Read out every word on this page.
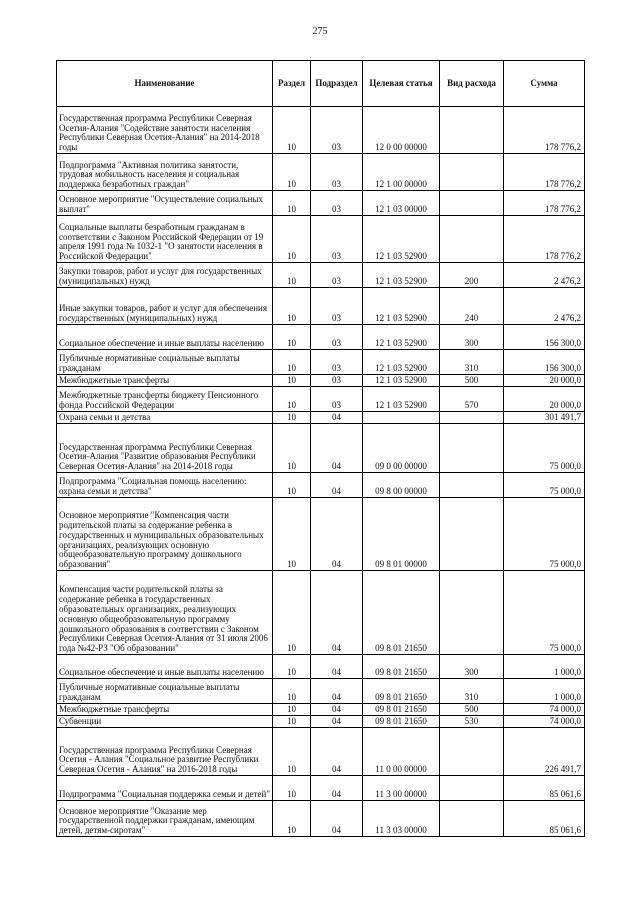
275
Наименование	Раздел	Подраздел	Целевая статья	Вид расхода	Сумма
Государственная программа Республики Северная Осетия-Алания "Содействие занятости населения Республики Северная Осетия-Алания" на 2014-2018 годы	10	03	12 0 00 00000		178 776,2
Подпрограмма "Активная политика занятости, трудовая мобильность населения и социальная поддержка безработных граждан"	10	03	12 1 00 00000		178 776,2
Основное мероприятие "Осуществление социальных выплат"	10	03	12 1 03 00000		178 776,2
Социальные выплаты безработным гражданам в соответствии с Законом Российской Федерации от 19 апреля 1991 года № 1032-1 "О занятости населения в Российской Федерации"	10	03	12 1 03 52900		178 776,2
Закупки товаров, работ и услуг для государственных (муниципальных) нужд	10	03	12 1 03 52900	200	2 476,2
Иные закупки товаров, работ и услуг для обеспечения государственных (муниципальных) нужд	10	03	12 1 03 52900	240	2 476,2
Социальное обеспечение и иные выплаты населению	10	03	12 1 03 52900	300	156 300,0
Публичные нормативные социальные выплаты гражданам	10	03	12 1 03 52900	310	156 300,0
Межбюджетные трансферты	10	03	12 1 03 52900	500	20 000,0
Межбюджетные трансферты бюджету Пенсионного фонда Российской Федерации	10	03	12 1 03 52900	570	20 000,0
Охрана семьи и детства	10	04			301 491,7
Государственная программа Республики Северная Осетия-Алания "Развитие образования Республики Северная Осетия-Алания" на 2014-2018 годы	10	04	09 0 00 00000		75 000,0
Подпрограмма "Социальная помощь населению: охрана семьи и детства"	10	04	09 8 00 00000		75 000,0
Основное мероприятие "Компенсация части родительской платы за содержание ребенка в государственных и муниципальных образовательных организациях, реализующих основную общеобразовательную программу дошкольного образования"	10	04	09 8 01 00000		75 000,0
Компенсация части родительской платы за содержание ребенка в государственных образовательных организациях, реализующих основную общеобразовательную программу дошкольного образования в соответствии с Законом Республики Северная Осетия-Алания от 31 июля 2006 года №42-РЗ "Об образовании"	10	04	09 8 01 21650		75 000,0
Социальное обеспечение и иные выплаты населению	10	04	09 8 01 21650	300	1 000,0
Публичные нормативные социальные выплаты гражданам	10	04	09 8 01 21650	310	1 000,0
Межбюджетные трансферты	10	04	09 8 01 21650	500	74 000,0
Субвенции	10	04	09 8 01 21650	530	74 000,0
Государственная программа Республики Северная Осетия - Алания "Социальное развитие Республики Северная Осетия - Алания" на 2016-2018 годы	10	04	11 0 00 00000		226 491,7
Подпрограмма "Социальная поддержка семьи и детей"	10	04	11 3 00 00000		85 061,6
Основное мероприятие "Оказание мер государственной поддержки гражданам, имеющим детей, детям-сиротам"	10	04	11 3 03 00000		85 061,6
